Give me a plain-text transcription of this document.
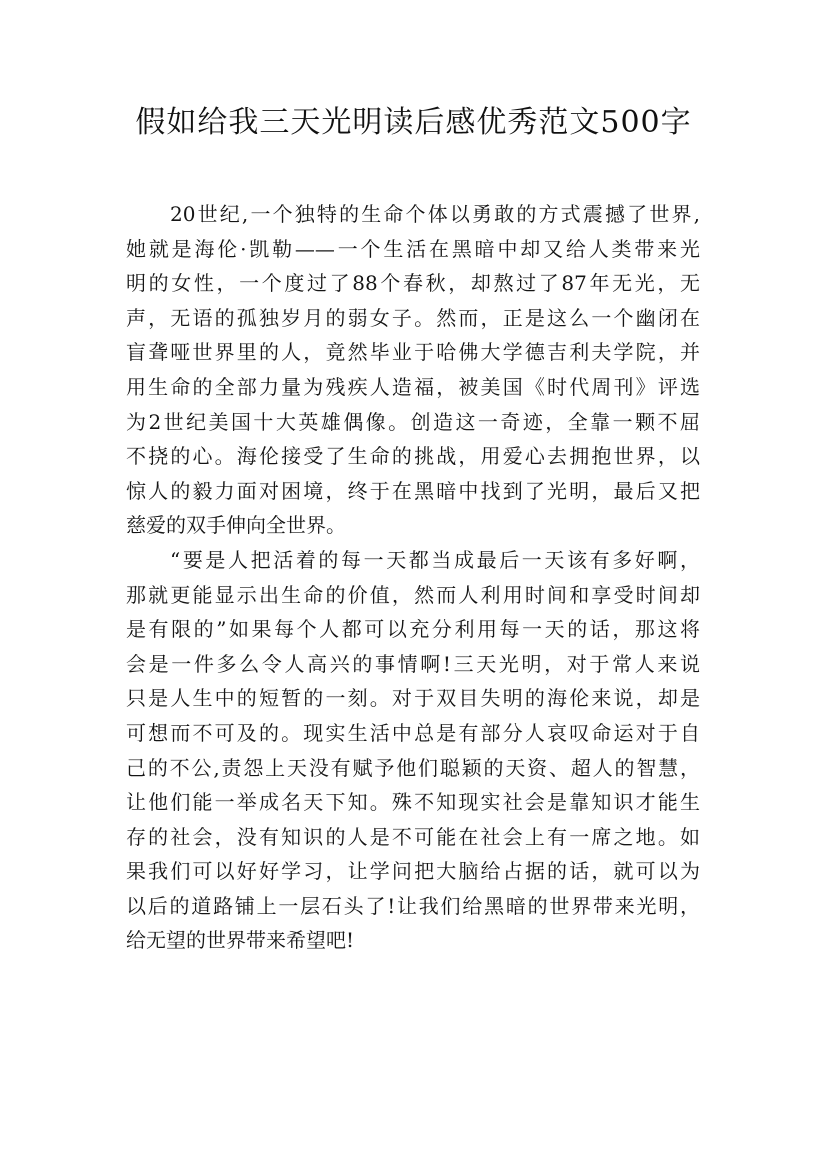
假如给我三天光明读后感优秀范文500字
20世纪,一个独特的生命个体以勇敢的方式震撼了世界,
她就是海伦·凯勒——一个生活在黑暗中却又给人类带来光
明的女性，一个度过了88个春秋，却熬过了87年无光，无
声，无语的孤独岁月的弱女子。然而，正是这么一个幽闭在
盲聋哑世界里的人，竟然毕业于哈佛大学德吉利夫学院，并
用生命的全部力量为残疾人造福，被美国《时代周刊》评选
为2世纪美国十大英雄偶像。创造这一奇迹，全靠一颗不屈
不挠的心。海伦接受了生命的挑战，用爱心去拥抱世界，以
惊人的毅力面对困境，终于在黑暗中找到了光明，最后又把
慈爱的双手伸向全世界。
“要是人把活着的每一天都当成最后一天该有多好啊，
那就更能显示出生命的价值，然而人利用时间和享受时间却
是有限的”如果每个人都可以充分利用每一天的话，那这将
会是一件多么令人高兴的事情啊!三天光明，对于常人来说
只是人生中的短暂的一刻。对于双目失明的海伦来说，却是
可想而不可及的。现实生活中总是有部分人哀叹命运对于自
己的不公,责怨上天没有赋予他们聪颖的天资、超人的智慧，
让他们能一举成名天下知。殊不知现实社会是靠知识才能生
存的社会，没有知识的人是不可能在社会上有一席之地。如
果我们可以好好学习，让学问把大脑给占据的话，就可以为
以后的道路铺上一层石头了!让我们给黑暗的世界带来光明，
给无望的世界带来希望吧!
